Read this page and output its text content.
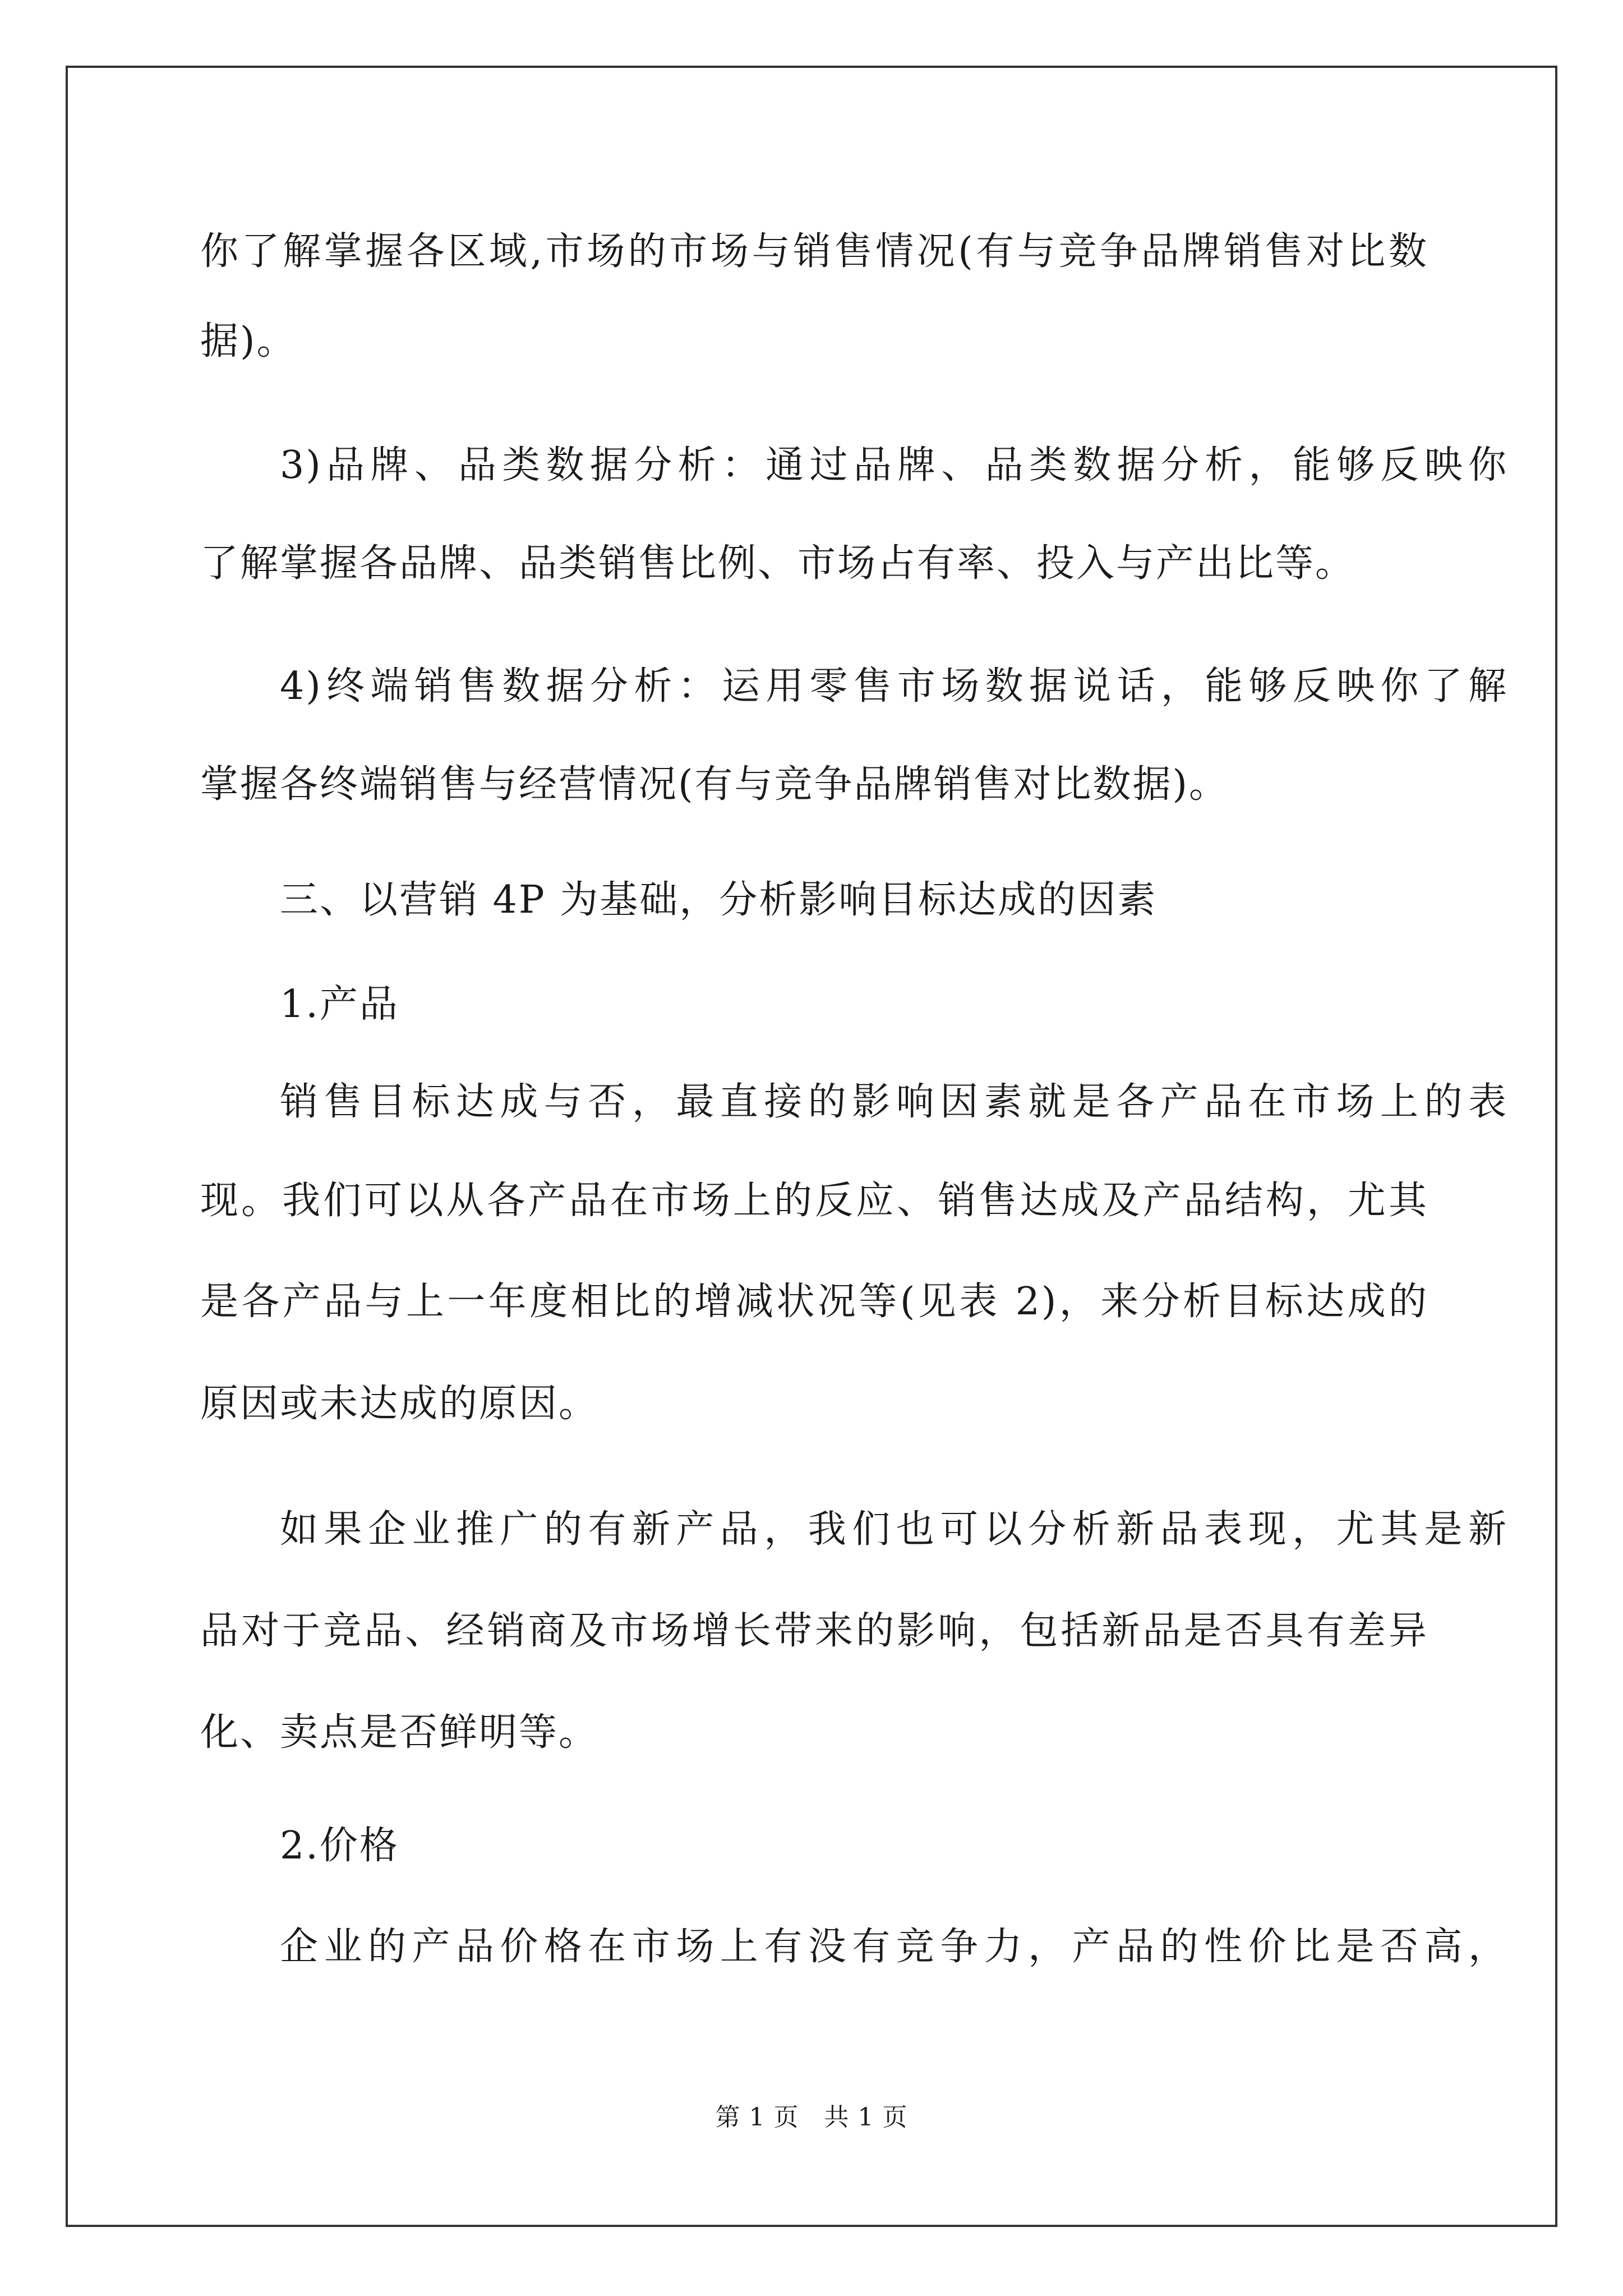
你了解掌握各区域,市场的市场与销售情况(有与竞争品牌销售对比数
据)。
3)品牌、品类数据分析：通过品牌、品类数据分析，能够反映你
了解掌握各品牌、品类销售比例、市场占有率、投入与产出比等。
4)终端销售数据分析：运用零售市场数据说话，能够反映你了解
掌握各终端销售与经营情况(有与竞争品牌销售对比数据)。
三、以营销 4P 为基础，分析影响目标达成的因素
1.产品
销售目标达成与否，最直接的影响因素就是各产品在市场上的表
现。我们可以从各产品在市场上的反应、销售达成及产品结构，尤其
是各产品与上一年度相比的增减状况等(见表 2)，来分析目标达成的
原因或未达成的原因。
如果企业推广的有新产品，我们也可以分析新品表现，尤其是新
品对于竞品、经销商及市场增长带来的影响，包括新品是否具有差异
化、卖点是否鲜明等。
2.价格
企业的产品价格在市场上有没有竞争力，产品的性价比是否高，
第 1 页　共 1 页
